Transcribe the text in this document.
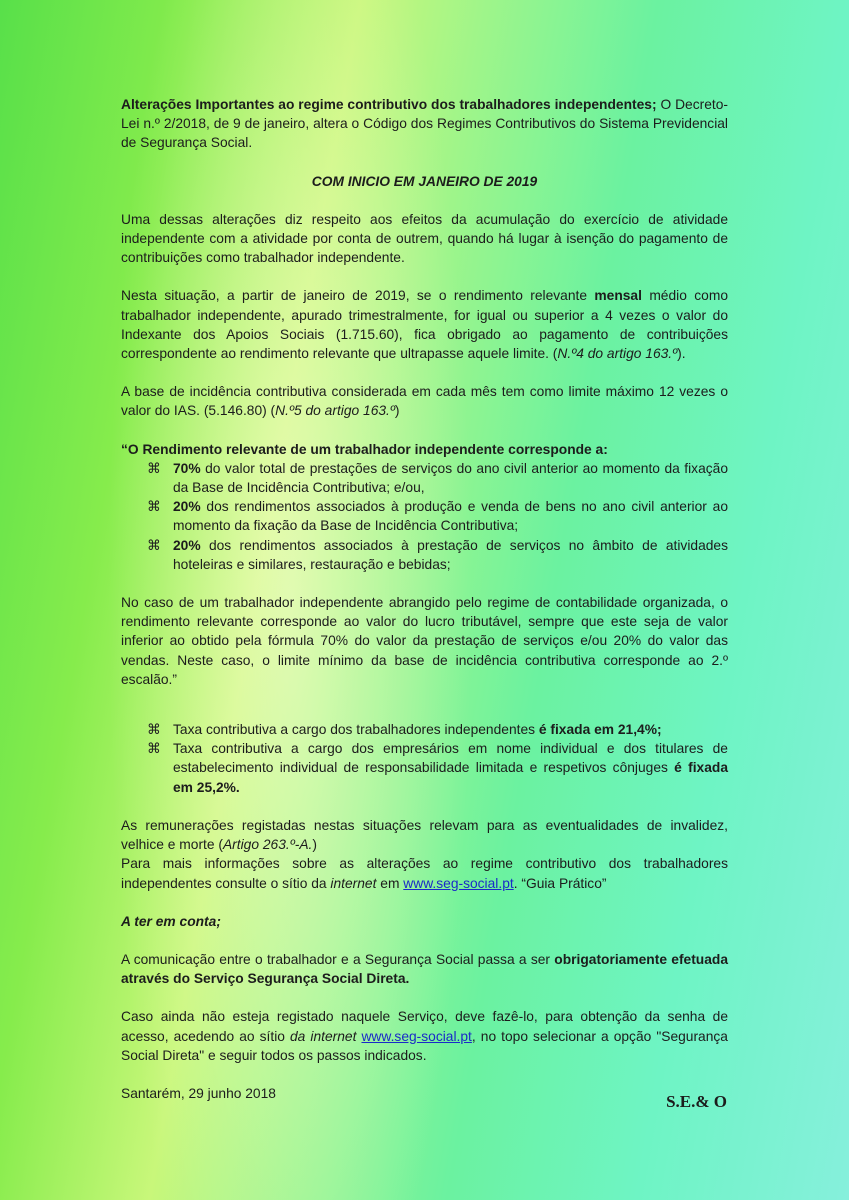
Alterações Importantes ao regime contributivo dos trabalhadores independentes; O Decreto-Lei n.º 2/2018, de 9 de janeiro, altera o Código dos Regimes Contributivos do Sistema Previdencial de Segurança Social.

COM INICIO EM JANEIRO DE 2019

Uma dessas alterações diz respeito aos efeitos da acumulação do exercício de atividade independente com a atividade por conta de outrem, quando há lugar à isenção do pagamento de contribuições como trabalhador independente.

Nesta situação, a partir de janeiro de 2019, se o rendimento relevante mensal médio como trabalhador independente, apurado trimestralmente, for igual ou superior a 4 vezes o valor do Indexante dos Apoios Sociais (1.715.60), fica obrigado ao pagamento de contribuições correspondente ao rendimento relevante que ultrapasse aquele limite. (N.º4 do artigo 163.º).

A base de incidência contributiva considerada em cada mês tem como limite máximo 12 vezes o valor do IAS. (5.146.80) (N.º5 do artigo 163.º)

“O Rendimento relevante de um trabalhador independente corresponde a:

⌘ 70% do valor total de prestações de serviços do ano civil anterior ao momento da fixação da Base de Incidência Contributiva; e/ou,
⌘ 20% dos rendimentos associados à produção e venda de bens no ano civil anterior ao momento da fixação da Base de Incidência Contributiva;
⌘ 20% dos rendimentos associados à prestação de serviços no âmbito de atividades hoteleiras e similares, restauração e bebidas;

No caso de um trabalhador independente abrangido pelo regime de contabilidade organizada, o rendimento relevante corresponde ao valor do lucro tributável, sempre que este seja de valor inferior ao obtido pela fórmula 70% do valor da prestação de serviços e/ou 20% do valor das vendas. Neste caso, o limite mínimo da base de incidência contributiva corresponde ao 2.º escalão.”

⌘ Taxa contributiva a cargo dos trabalhadores independentes é fixada em 21,4%;
⌘ Taxa contributiva a cargo dos empresários em nome individual e dos titulares de estabelecimento individual de responsabilidade limitada e respetivos cônjuges é fixada em 25,2%.

As remunerações registadas nestas situações relevam para as eventualidades de invalidez, velhice e morte (Artigo 263.º-A.)

Para mais informações sobre as alterações ao regime contributivo dos trabalhadores independentes consulte o sítio da internet em www.seg-social.pt. “Guia Prático”

A ter em conta;

A comunicação entre o trabalhador e a Segurança Social passa a ser obrigatoriamente efetuada através do Serviço Segurança Social Direta.

Caso ainda não esteja registado naquele Serviço, deve fazê-lo, para obtenção da senha de acesso, acedendo ao sítio da internet www.seg-social.pt, no topo selecionar a opção "Segurança Social Direta" e seguir todos os passos indicados.

Santarém, 29 junho 2018	S.E.& O
